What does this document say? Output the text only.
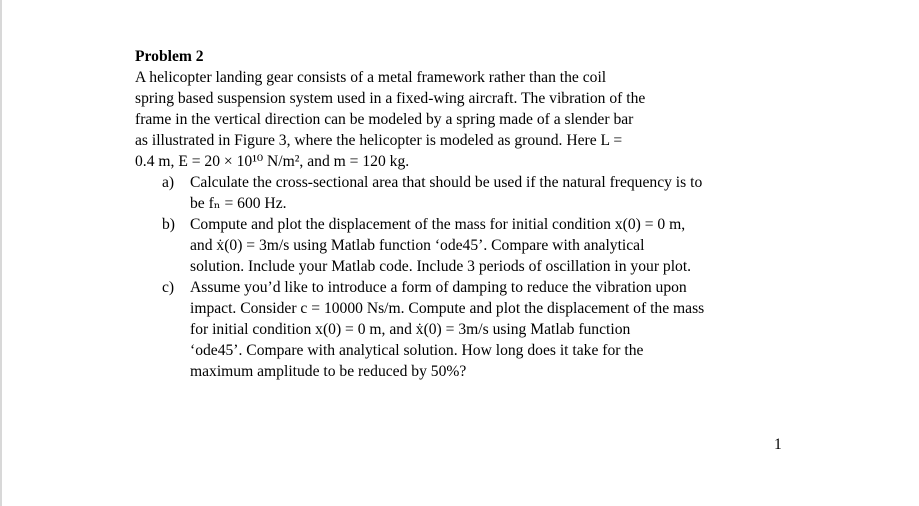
Problem 2

A helicopter landing gear consists of a metal framework rather than the coil
spring based suspension system used in a fixed-wing aircraft. The vibration of the
frame in the vertical direction can be modeled by a spring made of a slender bar
as illustrated in Figure 3, where the helicopter is modeled as ground. Here L =
0.4 m, E = 20 × 10¹⁰ N/m², and m = 120 kg.

a) Calculate the cross-sectional area that should be used if the natural frequency is to
be fₙ = 600 Hz.
b) Compute and plot the displacement of the mass for initial condition x(0) = 0 m,
and ẋ(0) = 3m/s using Matlab function ‘ode45’. Compare with analytical
solution. Include your Matlab code. Include 3 periods of oscillation in your plot.
c) Assume you’d like to introduce a form of damping to reduce the vibration upon
impact. Consider c = 10000 Ns/m. Compute and plot the displacement of the mass
for initial condition x(0) = 0 m, and ẋ(0) = 3m/s using Matlab function
‘ode45’. Compare with analytical solution. How long does it take for the
maximum amplitude to be reduced by 50%?
1
